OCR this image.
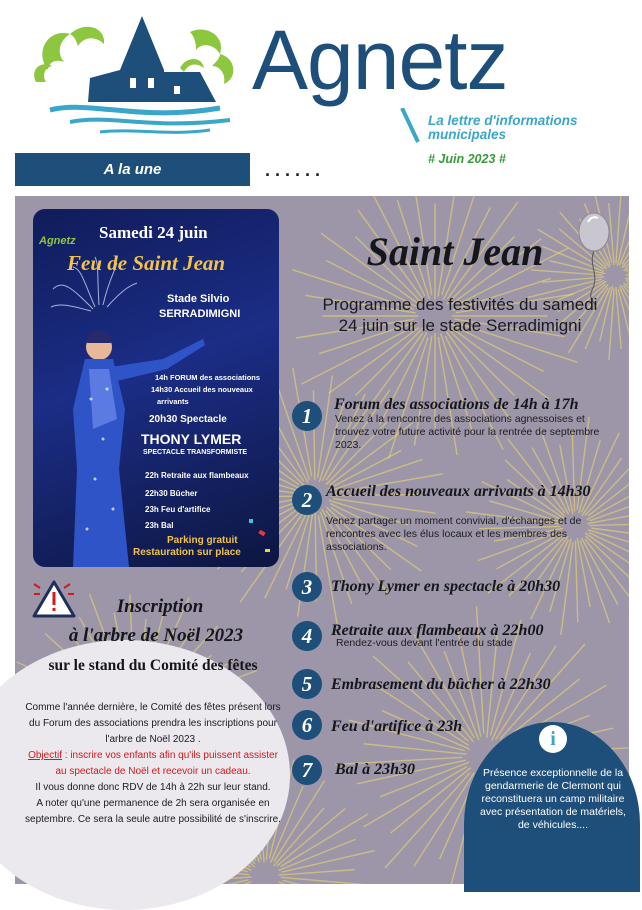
Agnetz
La lettre d'informations municipales
# Juin 2023 #
A la une	......
Agnetz Samedi 24 juin
Feu de Saint Jean
Stade Silvio
SERRADIMIGNI
14h FORUM des associations
14h30 Accueil des nouveaux
arrivants
20h30 Spectacle
THONY LYMER
SPECTACLE TRANSFORMISTE
22h Retraite aux flambeaux
22h30 Bûcher
23h Feu d'artifice
23h Bal
Parking gratuit
Restauration sur place
Saint Jean
Programme des festivités du samedi 24 juin sur le stade Serradimigni
1	Forum des associations de 14h à 17h
Venez à la rencontre des associations agnessoises et trouvez votre future activité pour la rentrée de septembre 2023.
2 Accueil des nouveaux arrivants à 14h30
Venez partager un moment convivial, d'échanges et de rencontres avec les élus locaux et les membres des associations.
3	Thony Lymer en spectacle à 20h30
4	Retraite aux flambeaux à 22h00
Rendez-vous devant l'entrée du stade
5	Embrasement du bûcher à 22h30
6	Feu d'artifice à 23h
7	Bal à 23h30
Inscription
à l'arbre de Noël 2023
sur le stand du Comité des fêtes
Comme l'année dernière, le Comité des fêtes présent lors du Forum des associations prendra les inscriptions pour l'arbre de Noël 2023 .
Objectif : inscrire vos enfants afin qu'ils puissent assister au spectacle de Noël et recevoir un cadeau.
Il vous donne donc RDV de 14h à 22h sur leur stand.
A noter qu'une permanence de 2h sera organisée en septembre. Ce sera la seule autre possibilité de s'inscrire.
i
Présence exceptionnelle de la gendarmerie de Clermont qui reconstituera un camp militaire avec présentation de matériels, de véhicules....
